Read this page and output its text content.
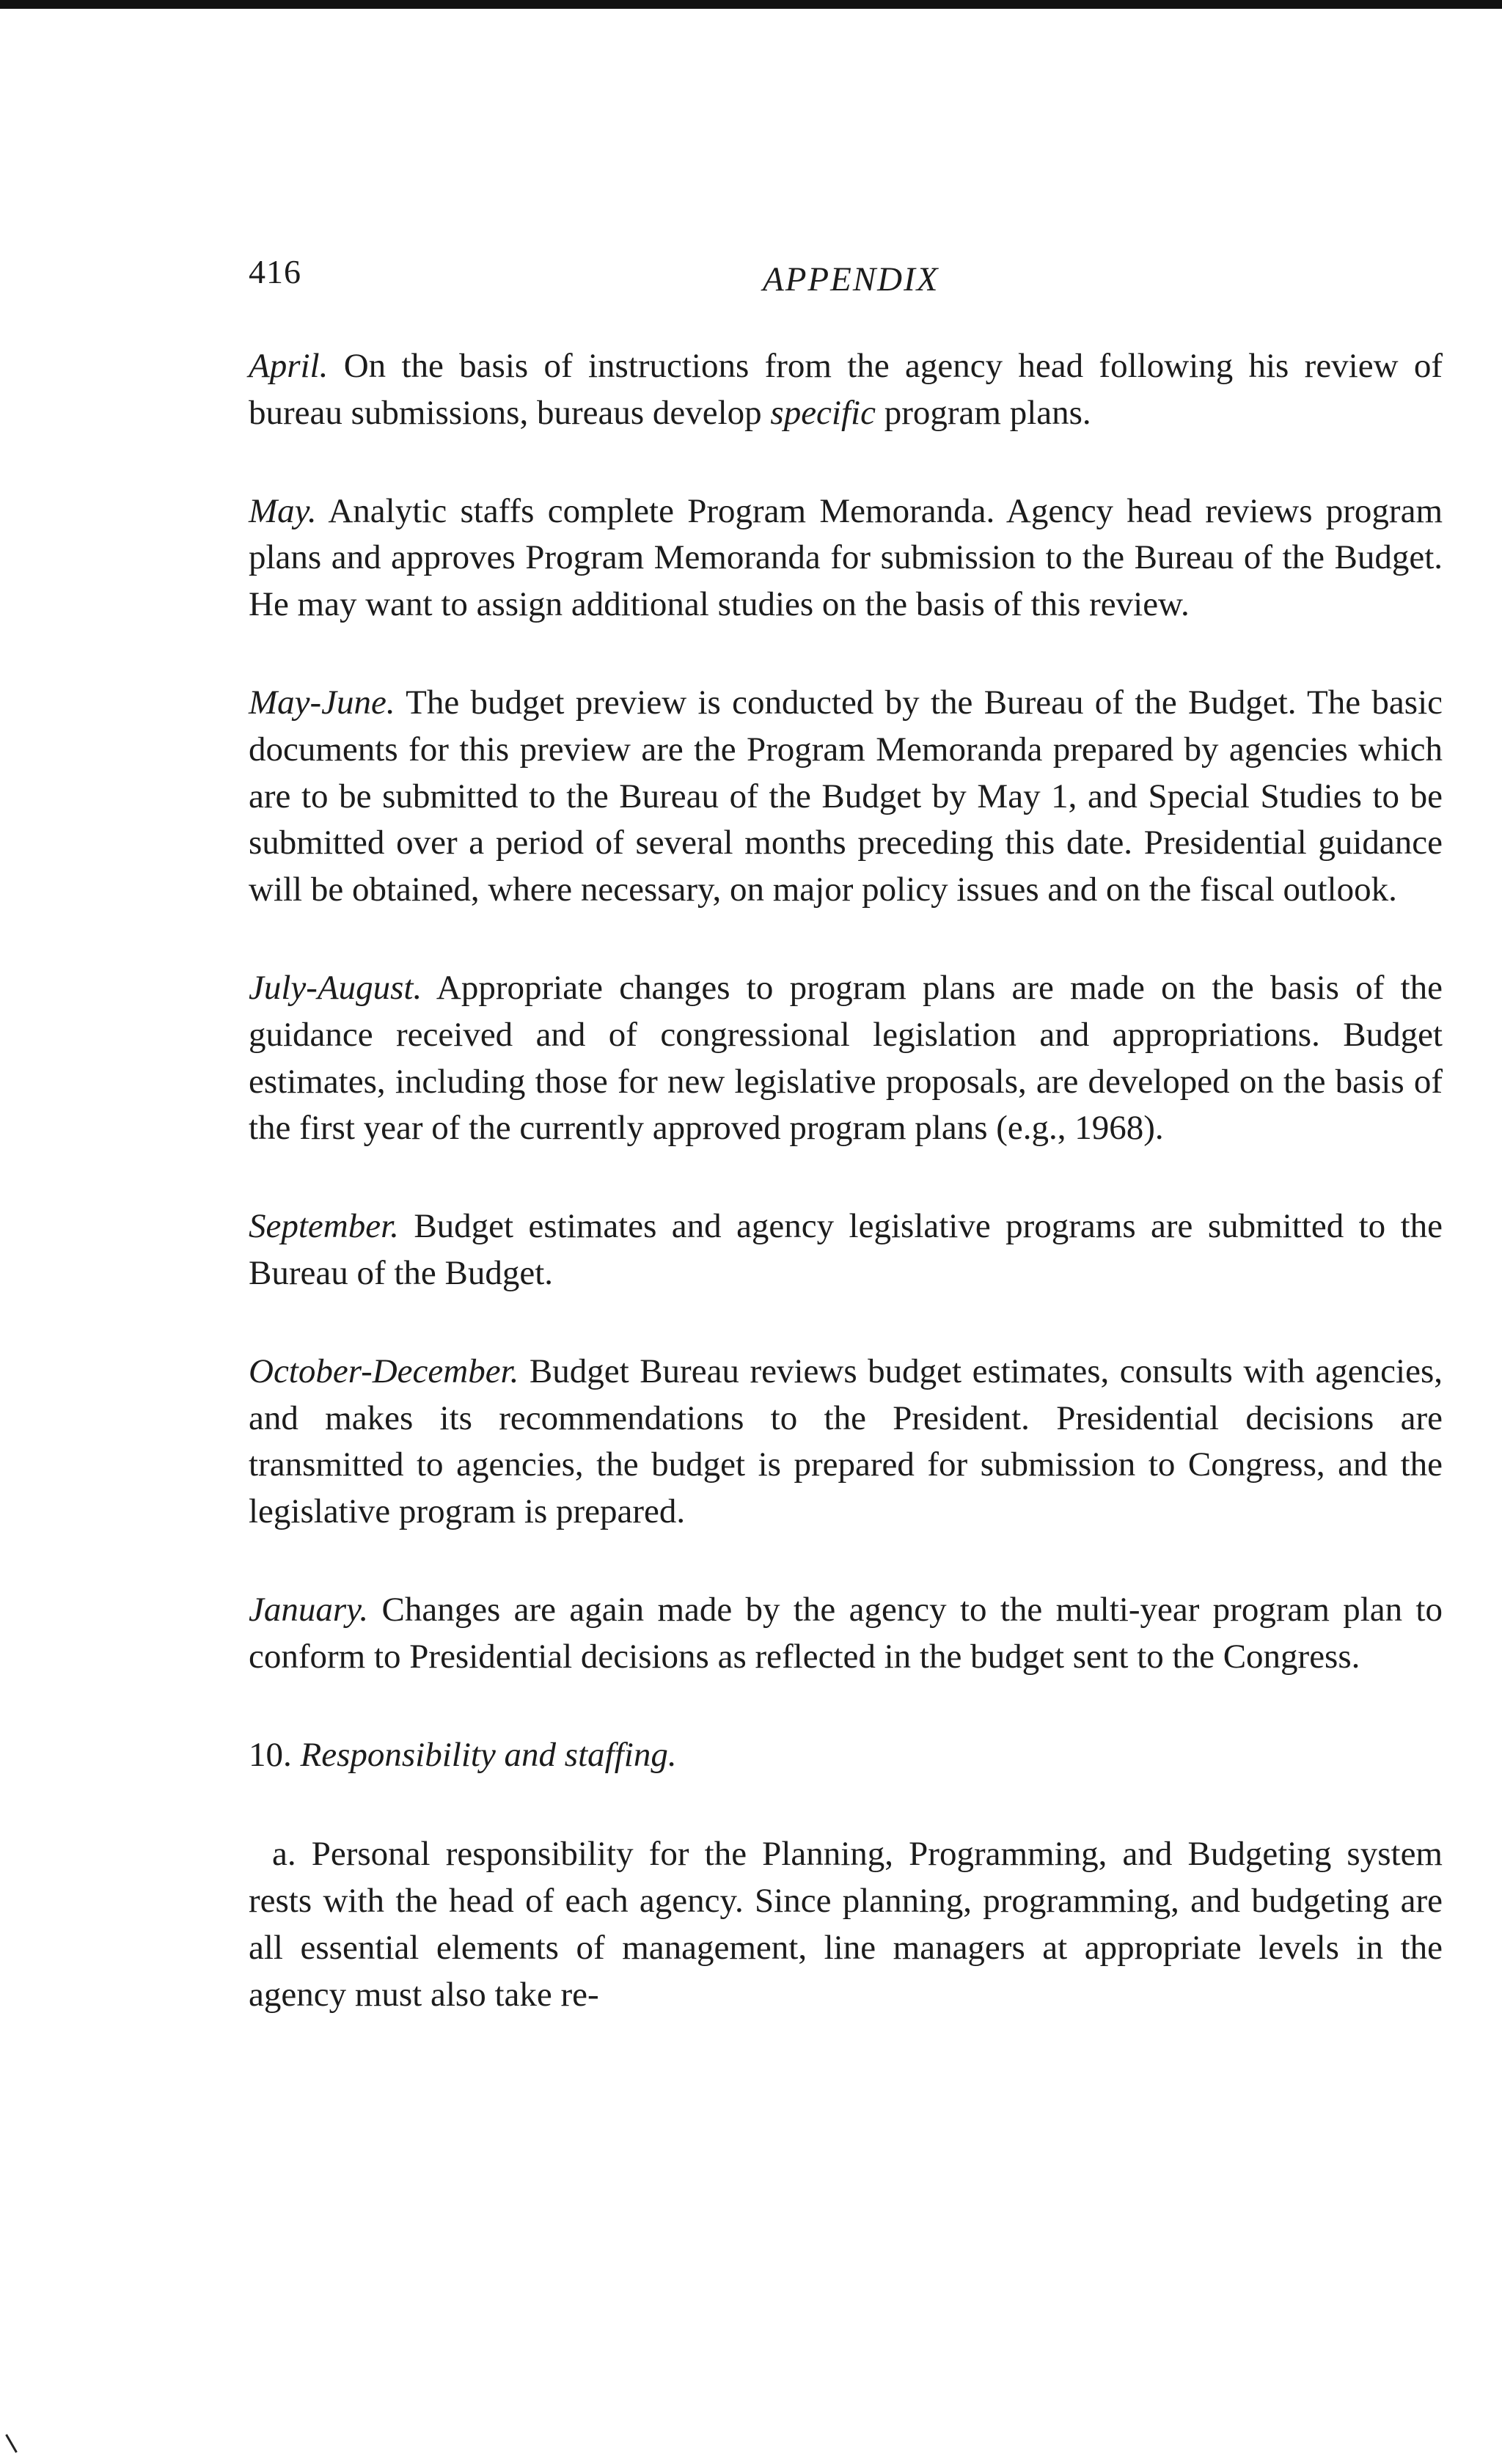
416	APPENDIX

April. On the basis of instructions from the agency head following his review of bureau submissions, bureaus develop specific program plans.

May. Analytic staffs complete Program Memoranda. Agency head reviews program plans and approves Program Memoranda for submission to the Bureau of the Budget. He may want to assign additional studies on the basis of this review.

May-June. The budget preview is conducted by the Bureau of the Budget. The basic documents for this preview are the Program Memoranda prepared by agencies which are to be submitted to the Bureau of the Budget by May 1, and Special Studies to be submitted over a period of several months preceding this date. Presidential guidance will be obtained, where necessary, on major policy issues and on the fiscal outlook.

July-August. Appropriate changes to program plans are made on the basis of the guidance received and of congressional legislation and appropriations. Budget estimates, including those for new legislative proposals, are developed on the basis of the first year of the currently approved program plans (e.g., 1968).

September. Budget estimates and agency legislative programs are submitted to the Bureau of the Budget.

October-December. Budget Bureau reviews budget estimates, consults with agencies, and makes its recommendations to the President. Presidential decisions are transmitted to agencies, the budget is prepared for submission to Congress, and the legislative program is prepared.

January. Changes are again made by the agency to the multi-year program plan to conform to Presidential decisions as reflected in the budget sent to the Congress.

10. Responsibility and staffing.

a. Personal responsibility for the Planning, Programming, and Budgeting system rests with the head of each agency. Since planning, programming, and budgeting are all essential elements of management, line managers at appropriate levels in the agency must also take re-
